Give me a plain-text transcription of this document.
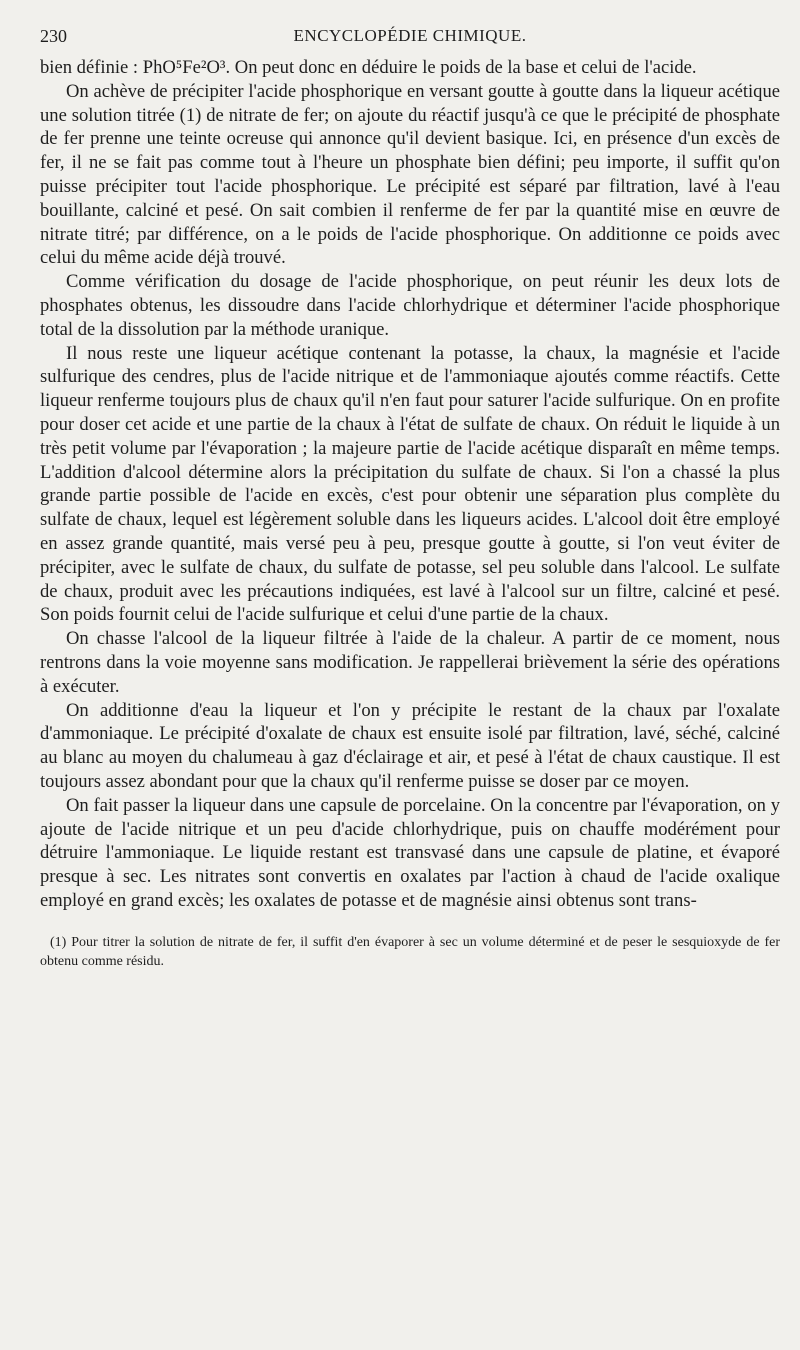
230	ENCYCLOPÉDIE CHIMIQUE.

bien définie : PhO⁵Fe²O³. On peut donc en déduire le poids de la base et celui de l'acide.

On achève de précipiter l'acide phosphorique en versant goutte à goutte dans la liqueur acétique une solution titrée (1) de nitrate de fer; on ajoute du réactif jusqu'à ce que le précipité de phosphate de fer prenne une teinte ocreuse qui annonce qu'il devient basique. Ici, en présence d'un excès de fer, il ne se fait pas comme tout à l'heure un phosphate bien défini; peu importe, il suffit qu'on puisse précipiter tout l'acide phosphorique. Le précipité est séparé par filtration, lavé à l'eau bouillante, calciné et pesé. On sait combien il renferme de fer par la quantité mise en œuvre de nitrate titré; par différence, on a le poids de l'acide phosphorique. On additionne ce poids avec celui du même acide déjà trouvé.

Comme vérification du dosage de l'acide phosphorique, on peut réunir les deux lots de phosphates obtenus, les dissoudre dans l'acide chlorhydrique et déterminer l'acide phosphorique total de la dissolution par la méthode uranique.

Il nous reste une liqueur acétique contenant la potasse, la chaux, la magnésie et l'acide sulfurique des cendres, plus de l'acide nitrique et de l'ammoniaque ajoutés comme réactifs. Cette liqueur renferme toujours plus de chaux qu'il n'en faut pour saturer l'acide sulfurique. On en profite pour doser cet acide et une partie de la chaux à l'état de sulfate de chaux. On réduit le liquide à un très petit volume par l'évaporation ; la majeure partie de l'acide acétique disparaît en même temps. L'addition d'alcool détermine alors la précipitation du sulfate de chaux. Si l'on a chassé la plus grande partie possible de l'acide en excès, c'est pour obtenir une séparation plus complète du sulfate de chaux, lequel est légèrement soluble dans les liqueurs acides. L'alcool doit être employé en assez grande quantité, mais versé peu à peu, presque goutte à goutte, si l'on veut éviter de précipiter, avec le sulfate de chaux, du sulfate de potasse, sel peu soluble dans l'alcool. Le sulfate de chaux, produit avec les précautions indiquées, est lavé à l'alcool sur un filtre, calciné et pesé. Son poids fournit celui de l'acide sulfurique et celui d'une partie de la chaux.

On chasse l'alcool de la liqueur filtrée à l'aide de la chaleur. A partir de ce moment, nous rentrons dans la voie moyenne sans modification. Je rappellerai brièvement la série des opérations à exécuter.

On additionne d'eau la liqueur et l'on y précipite le restant de la chaux par l'oxalate d'ammoniaque. Le précipité d'oxalate de chaux est ensuite isolé par filtration, lavé, séché, calciné au blanc au moyen du chalumeau à gaz d'éclairage et air, et pesé à l'état de chaux caustique. Il est toujours assez abondant pour que la chaux qu'il renferme puisse se doser par ce moyen.

On fait passer la liqueur dans une capsule de porcelaine. On la concentre par l'évaporation, on y ajoute de l'acide nitrique et un peu d'acide chlorhydrique, puis on chauffe modérément pour détruire l'ammoniaque. Le liquide restant est transvasé dans une capsule de platine, et évaporé presque à sec. Les nitrates sont convertis en oxalates par l'action à chaud de l'acide oxalique employé en grand excès; les oxalates de potasse et de magnésie ainsi obtenus sont trans-

(1) Pour titrer la solution de nitrate de fer, il suffit d'en évaporer à sec un volume déterminé et de peser le sesquioxyde de fer obtenu comme résidu.
